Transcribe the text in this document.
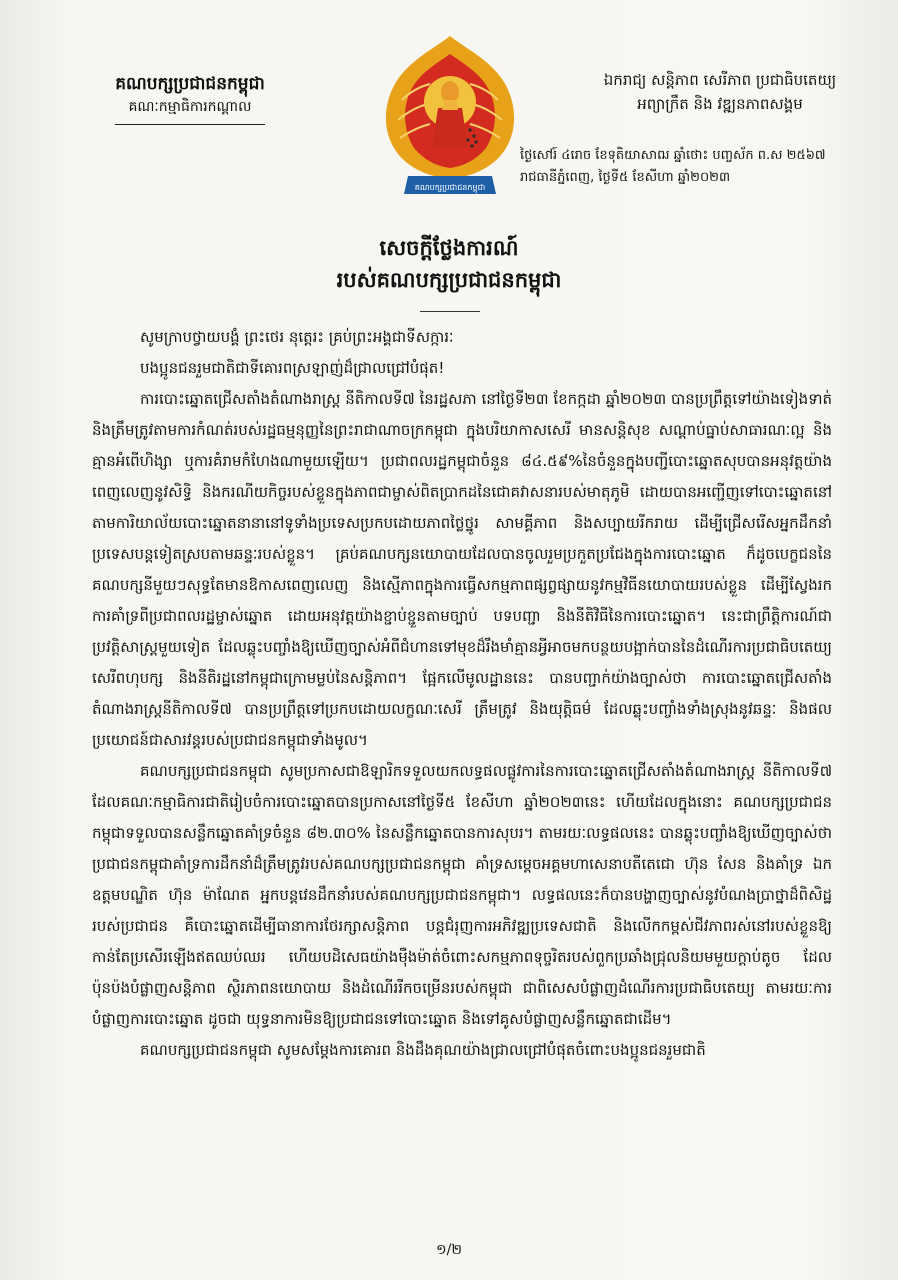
គណបក្សប្រជាជនកម្ពុជា
គណៈកម្មាធិការកណ្តាល
គណបក្សប្រជាជនកម្ពុជា
ឯករាជ្យ សន្តិភាព សេរីភាព ប្រជាធិបតេយ្យ
អព្យាក្រឹត និង វឌ្ឍនភាពសង្គម
ថ្ងៃសៅរ៍ ៤រោច ខែទុតិយាសាឍ ឆ្នាំថោះ បញ្ចស័ក ព.ស ២៥៦៧
រាជធានីភ្នំពេញ, ថ្ងៃទី៥ ខែសីហា ឆ្នាំ២០២៣
សេចក្តីថ្លែងការណ៍
របស់គណបក្សប្រជាជនកម្ពុជា

សូមក្រាបថ្វាយបង្គំ ព្រះថេរ នុត្តេរះ គ្រប់ព្រះអង្គជាទីសក្ការៈ

បងប្អូនជនរួមជាតិជាទីគោរពស្រឡាញ់ដ៏ជ្រាលជ្រៅបំផុត!

ការបោះឆ្នោតជ្រើសតាំងតំណាងរាស្ត្រ នីតិកាលទី៧ នៃរដ្ឋសភា នៅថ្ងៃទី២៣ ខែកក្កដា ឆ្នាំ២០២៣ បានប្រព្រឹត្តទៅយ៉ាងទៀងទាត់ និងត្រឹមត្រូវតាមការកំណត់របស់រដ្ឋធម្មនុញ្ញនៃព្រះរាជាណាចក្រកម្ពុជា ក្នុងបរិយាកាសសេរី មានសន្តិសុខ សណ្តាប់ធ្នាប់សាធារណៈល្អ និងគ្មានអំពើហិង្សា ឬការគំរាមកំហែងណាមួយឡើយ។ ប្រជាពលរដ្ឋកម្ពុជាចំនួន ៨៤.៥៩%នៃចំនួនក្នុងបញ្ជីបោះឆ្នោតសុបបានអនុវត្តយ៉ាងពេញលេញនូវសិទ្ធិ និងករណីយកិច្ចរបស់ខ្លួនក្នុងភាពជាម្ចាស់ពិតប្រាកដនៃជោគវាសនារបស់មាតុភូមិ ដោយបានអញ្ជើញទៅបោះឆ្នោតនៅតាមការិយាល័យបោះឆ្នោតនានានៅទូទាំងប្រទេសប្រកបដោយភាពថ្លៃថ្នូរ សាមគ្គីភាព និងសប្បាយរីករាយ ដើម្បីជ្រើសរើសអ្នកដឹកនាំប្រទេសបន្តទៀតស្របតាមឆន្ទៈរបស់ខ្លួន។ គ្រប់គណបក្សនយោបាយដែលបានចូលរួមប្រកួតប្រជែងក្នុងការបោះឆ្នោត ក៏ដូចបេក្ខជននៃគណបក្សនីមួយៗសុទ្ធតែមានឱកាសពេញលេញ និងស្មើភាពក្នុងការធ្វើសកម្មភាពផ្សព្វផ្សាយនូវកម្មវិធីនយោបាយរបស់ខ្លួន ដើម្បីស្វែងរកការគាំទ្រពីប្រជាពលរដ្ឋម្ចាស់ឆ្នោត ដោយអនុវត្តយ៉ាងខ្ជាប់ខ្ជួនតាមច្បាប់ បទបញ្ជា និងនីតិវិធីនៃការបោះឆ្នោត។ នេះជាព្រឹត្តិការណ៍ជាប្រវត្តិសាស្ត្រមួយទៀត ដែលឆ្លុះបញ្ចាំងឱ្យឃើញច្បាស់អំពីជំហានទៅមុខដ៏រឹងមាំគ្មានអ្វីអាចមកបន្ថយបង្អាក់បាននៃដំណើរការប្រជាធិបតេយ្យសេរីពហុបក្ស និងនីតិរដ្ឋនៅកម្ពុជាក្រោមម្លប់នៃសន្តិភាព។ ផ្អែកលើមូលដ្ឋាននេះ បានបញ្ជាក់យ៉ាងច្បាស់ថា ការបោះឆ្នោតជ្រើសតាំងតំណាងរាស្ត្រនីតិកាលទី៧ បានប្រព្រឹត្តទៅប្រកបដោយលក្ខណៈសេរី ត្រឹមត្រូវ និងយុត្តិធម៌ ដែលឆ្លុះបញ្ចាំងទាំងស្រុងនូវឆន្ទៈ និងផលប្រយោជន៍ជាសារវន្តរបស់ប្រជាជនកម្ពុជាទាំងមូល។

គណបក្សប្រជាជនកម្ពុជា សូមប្រកាសជាឱឡារិកទទួលយកលទ្ធផលផ្លូវការនៃការបោះឆ្នោតជ្រើសតាំងតំណាងរាស្ត្រ នីតិកាលទី៧ ដែលគណៈកម្មាធិការជាតិរៀបចំការបោះឆ្នោតបានប្រកាសនៅថ្ងៃទី៥ ខែសីហា ឆ្នាំ២០២៣នេះ ហើយដែលក្នុងនោះ គណបក្សប្រជាជនកម្ពុជាទទួលបានសន្លឹកឆ្នោតគាំទ្រចំនួន ៨២.៣០% នៃសន្លឹកឆ្នោតបានការសុបរ។ តាមរយៈលទ្ធផលនេះ បានឆ្លុះបញ្ចាំងឱ្យឃើញច្បាស់ថាប្រជាជនកម្ពុជាគាំទ្រការដឹកនាំដ៏ត្រឹមត្រូវរបស់គណបក្សប្រជាជនកម្ពុជា គាំទ្រសម្តេចអគ្គមហាសេនាបតីតេជោ ហ៊ុន សែន និងគាំទ្រ ឯកឧត្តមបណ្ឌិត ហ៊ុន ម៉ាណែត អ្នកបន្តវេនដឹកនាំរបស់គណបក្សប្រជាជនកម្ពុជា។ លទ្ធផលនេះក៏បានបង្ហាញច្បាស់នូវបំណងប្រាថ្នាដ៏ពិសិដ្ឋរបស់ប្រជាជន គឺបោះឆ្នោតដើម្បីធានាការថែរក្សាសន្តិភាព បន្តជំរុញការអភិវឌ្ឍប្រទេសជាតិ និងលើកកម្ពស់ជីវភាពរស់នៅរបស់ខ្លួនឱ្យកាន់តែប្រសើរឡើងឥតឈប់ឈរ ហើយបដិសេធយ៉ាងម៉ឺងម៉ាត់ចំពោះសកម្មភាពទុច្ចរិតរបស់ពួកប្រឆាំងជ្រុលនិយមមួយក្តាប់តូច ដែលប៉ុនប៉ងបំផ្លាញសន្តិភាព ស្ថិរភាពនយោបាយ និងដំណើររីកចម្រើនរបស់កម្ពុជា ជាពិសេសបំផ្លាញដំណើរការប្រជាធិបតេយ្យ តាមរយៈការបំផ្លាញការបោះឆ្នោត ដូចជា យុទ្ធនាការមិនឱ្យប្រជាជនទៅបោះឆ្នោត និងទៅគូសបំផ្លាញសន្លឹកឆ្នោតជាដើម។

គណបក្សប្រជាជនកម្ពុជា សូមសម្តែងការគោរព និងដឹងគុណយ៉ាងជ្រាលជ្រៅបំផុតចំពោះបងប្អូនជនរួមជាតិ

១/២
